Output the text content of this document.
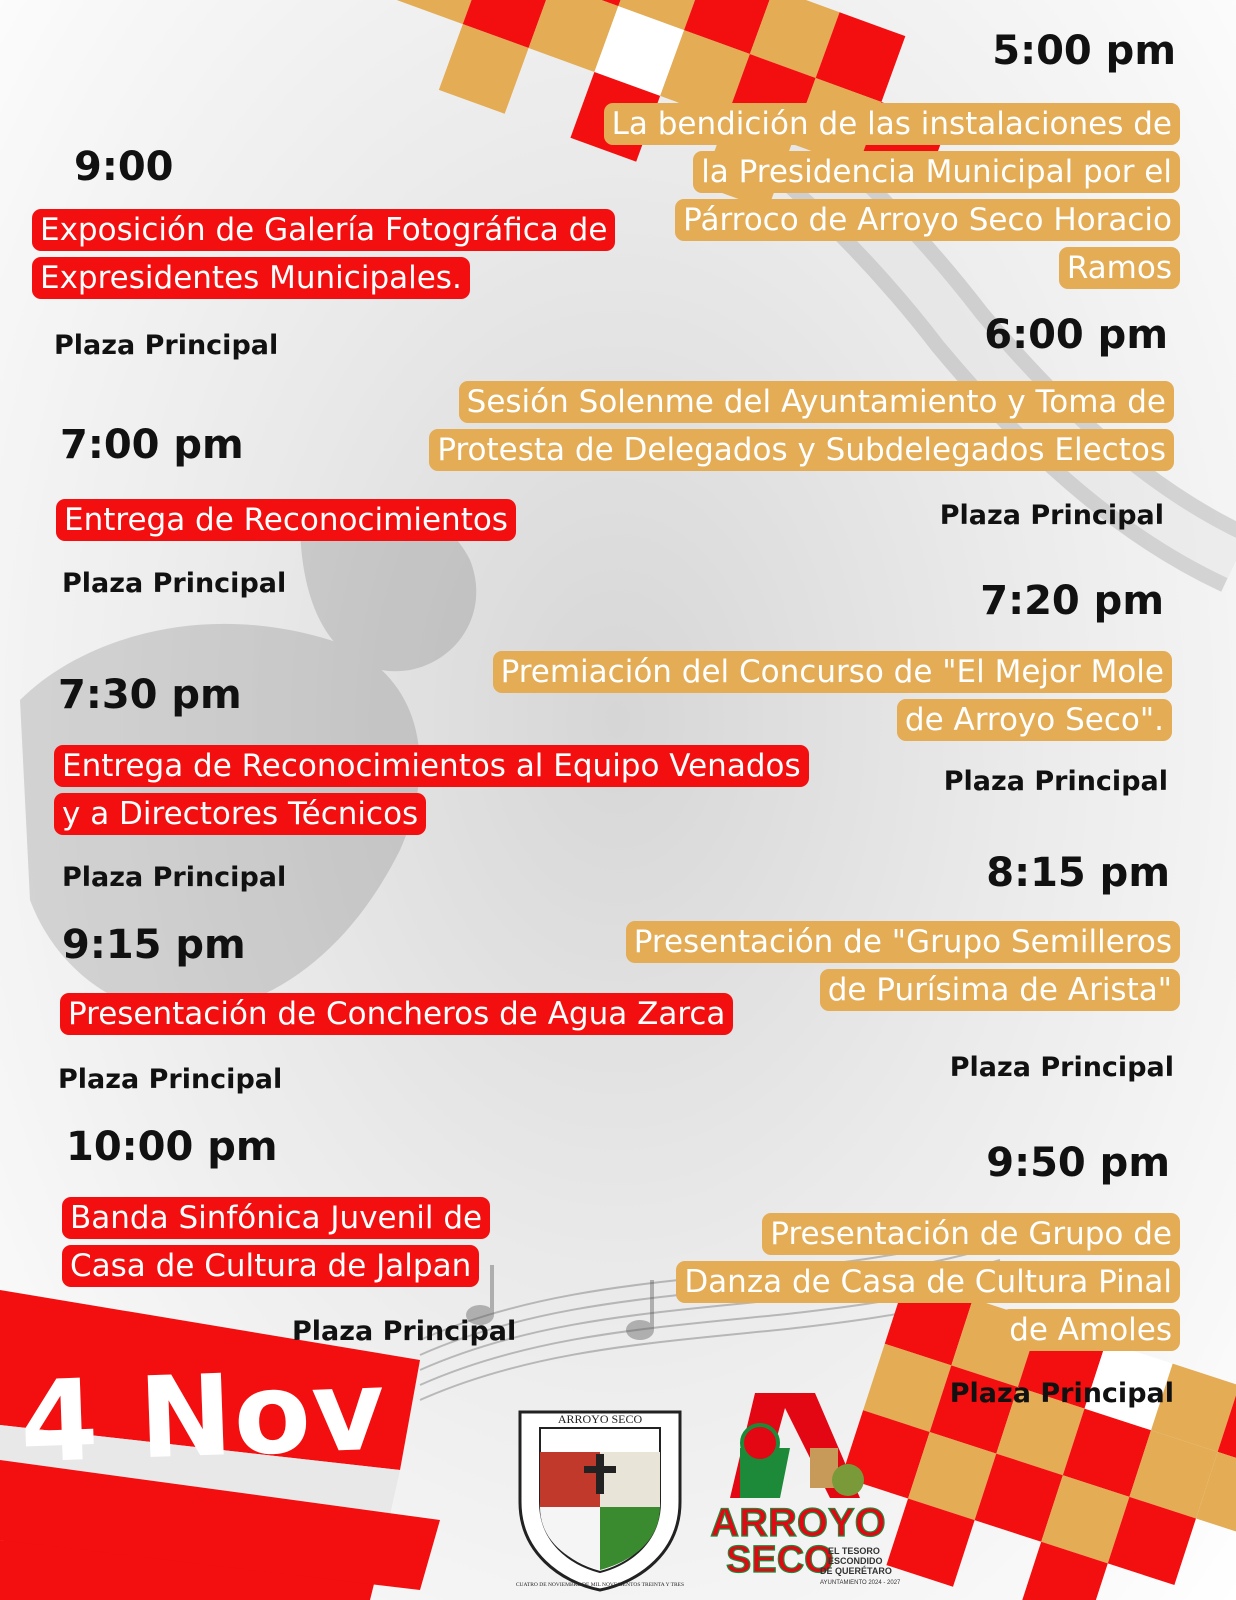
9:00
Exposición de Galería Fotográfica de
Expresidentes Municipales.
Plaza Principal
5:00 pm
La bendición de las instalaciones de
la Presidencia Municipal por el
Párroco de Arroyo Seco Horacio
Ramos
6:00 pm
Sesión Solenme del Ayuntamiento y Toma de
Protesta de Delegados y Subdelegados Electos
Plaza Principal
7:00 pm
Entrega de Reconocimientos
Plaza Principal	7:20 pm
Premiación del Concurso de "El Mejor Mole
de Arroyo Seco".
Plaza Principal
7:30 pm
Entrega de Reconocimientos al Equipo Venados
y a Directores Técnicos
Plaza Principal	8:15 pm
Presentación de "Grupo Semilleros
de Purísima de Arista"
Plaza Principal
9:15 pm
Presentación de Concheros de Agua Zarca
Plaza Principal
10:00 pm
Banda Sinfónica Juvenil de
Casa de Cultura de Jalpan
Plaza Principal
9:50 pm
Presentación de Grupo de
Danza de Casa de Cultura Pinal
de Amoles
Plaza Principal
4 Nov	ARROYO SECO
CUATRO DE NOVIEMBRE DE MIL NOVECIENTOS TREINTA Y TRES
ARROYO
SECO
EL TESORO
ESCONDIDO
DE QUERÉTARO
AYUNTAMIENTO 2024 - 2027
